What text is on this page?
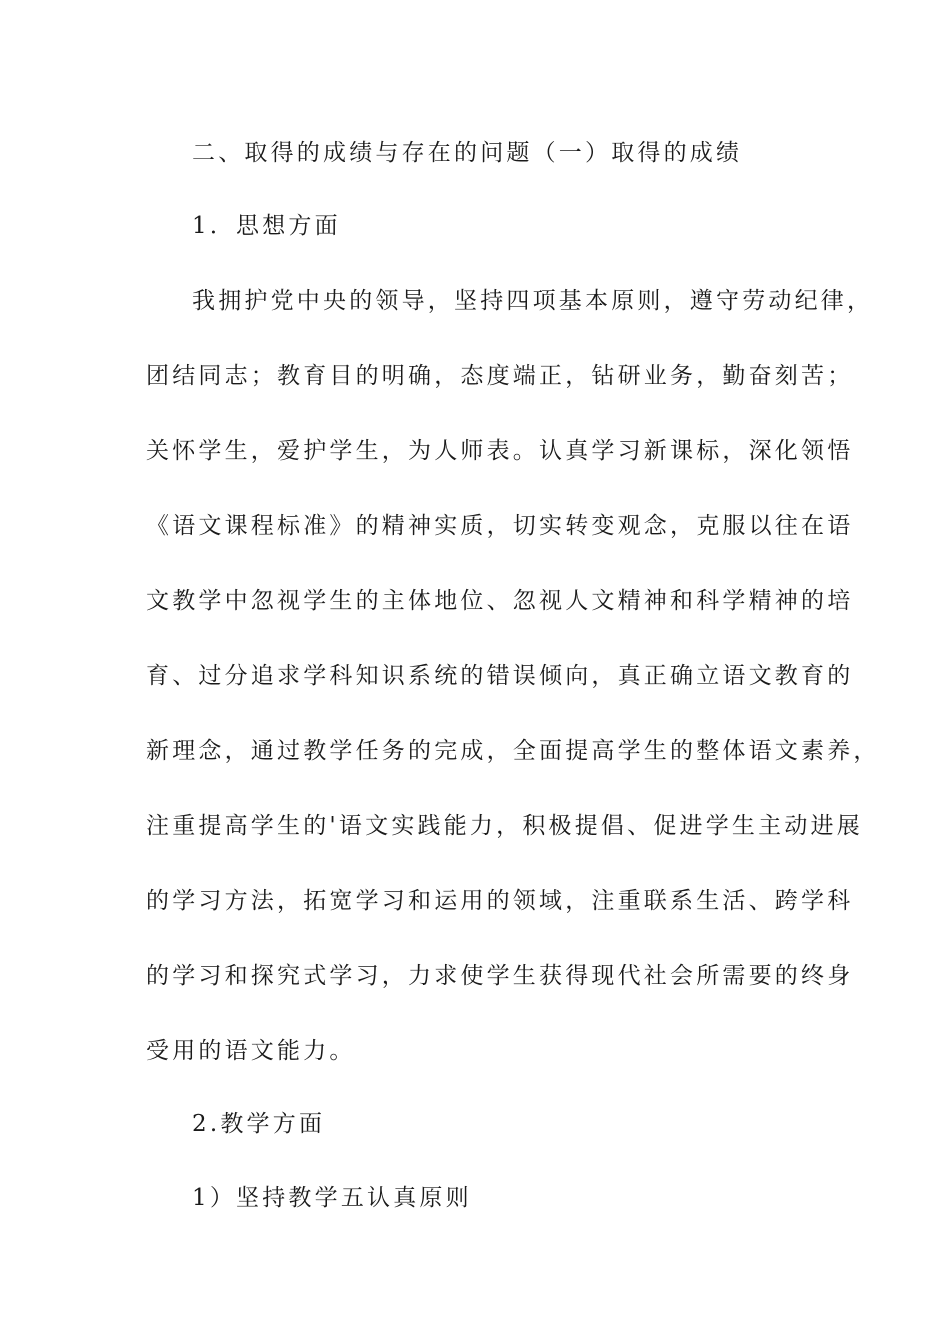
二、取得的成绩与存在的问题（一）取得的成绩
1．思想方面
我拥护党中央的领导，坚持四项基本原则，遵守劳动纪律，
团结同志；教育目的明确，态度端正，钻研业务，勤奋刻苦；
关怀学生，爱护学生，为人师表。认真学习新课标，深化领悟
《语文课程标准》的精神实质，切实转变观念，克服以往在语
文教学中忽视学生的主体地位、忽视人文精神和科学精神的培
育、过分追求学科知识系统的错误倾向，真正确立语文教育的
新理念，通过教学任务的完成，全面提高学生的整体语文素养，
注重提高学生的'语文实践能力，积极提倡、促进学生主动进展
的学习方法，拓宽学习和运用的领域，注重联系生活、跨学科
的学习和探究式学习，力求使学生获得现代社会所需要的终身
受用的语文能力。
2.教学方面
1）坚持教学五认真原则
